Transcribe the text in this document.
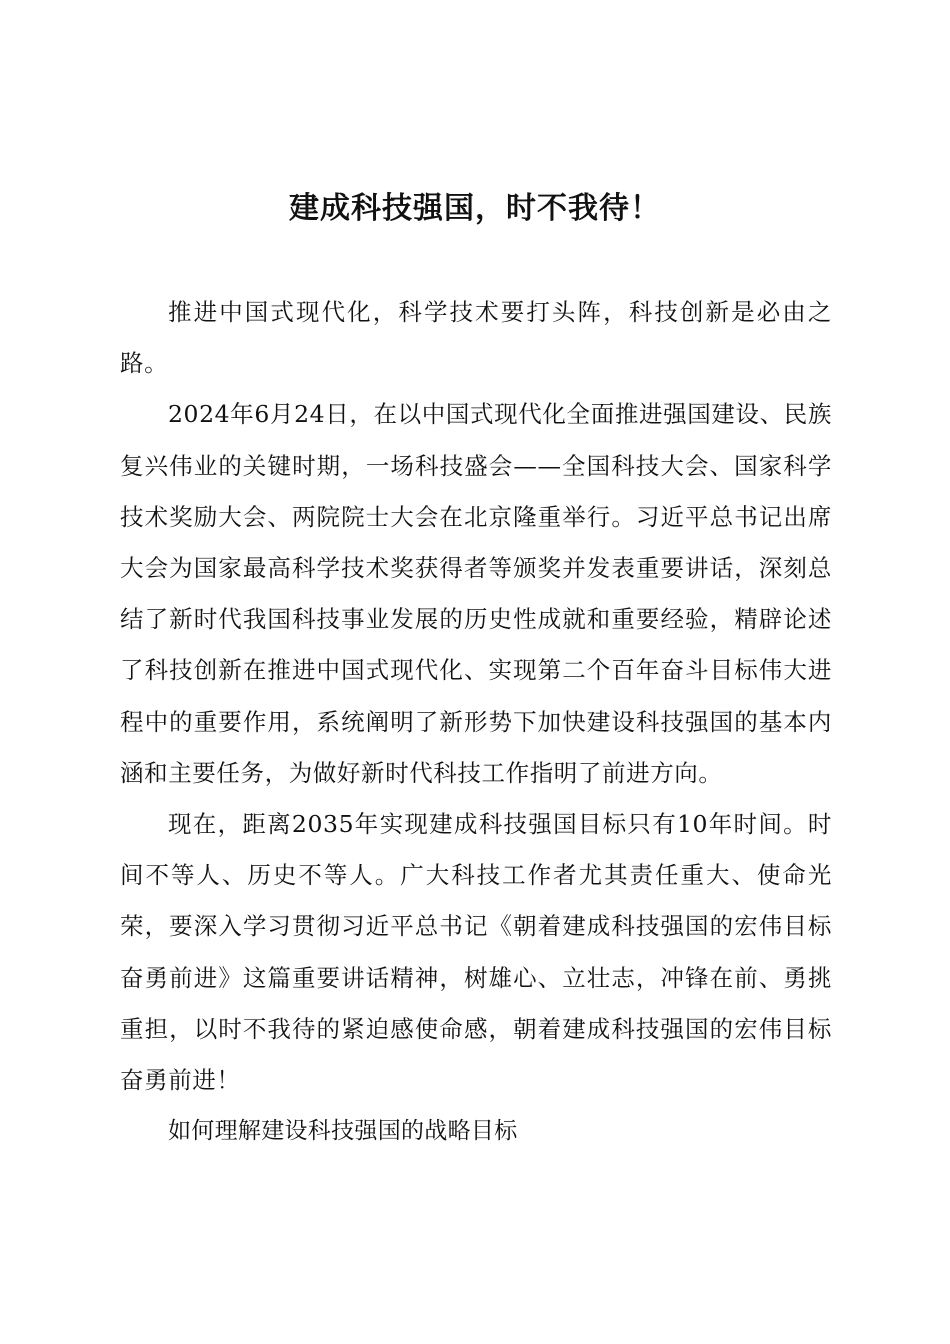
建成科技强国，时不我待！

推进中国式现代化，科学技术要打头阵，科技创新是必由之路。

2024年6月24日，在以中国式现代化全面推进强国建设、民族复兴伟业的关键时期，一场科技盛会——全国科技大会、国家科学技术奖励大会、两院院士大会在北京隆重举行。习近平总书记出席大会为国家最高科学技术奖获得者等颁奖并发表重要讲话，深刻总结了新时代我国科技事业发展的历史性成就和重要经验，精辟论述了科技创新在推进中国式现代化、实现第二个百年奋斗目标伟大进程中的重要作用，系统阐明了新形势下加快建设科技强国的基本内涵和主要任务，为做好新时代科技工作指明了前进方向。

现在，距离2035年实现建成科技强国目标只有10年时间。时间不等人、历史不等人。广大科技工作者尤其责任重大、使命光荣，要深入学习贯彻习近平总书记《朝着建成科技强国的宏伟目标奋勇前进》这篇重要讲话精神，树雄心、立壮志，冲锋在前、勇挑重担，以时不我待的紧迫感使命感，朝着建成科技强国的宏伟目标奋勇前进！

如何理解建设科技强国的战略目标
